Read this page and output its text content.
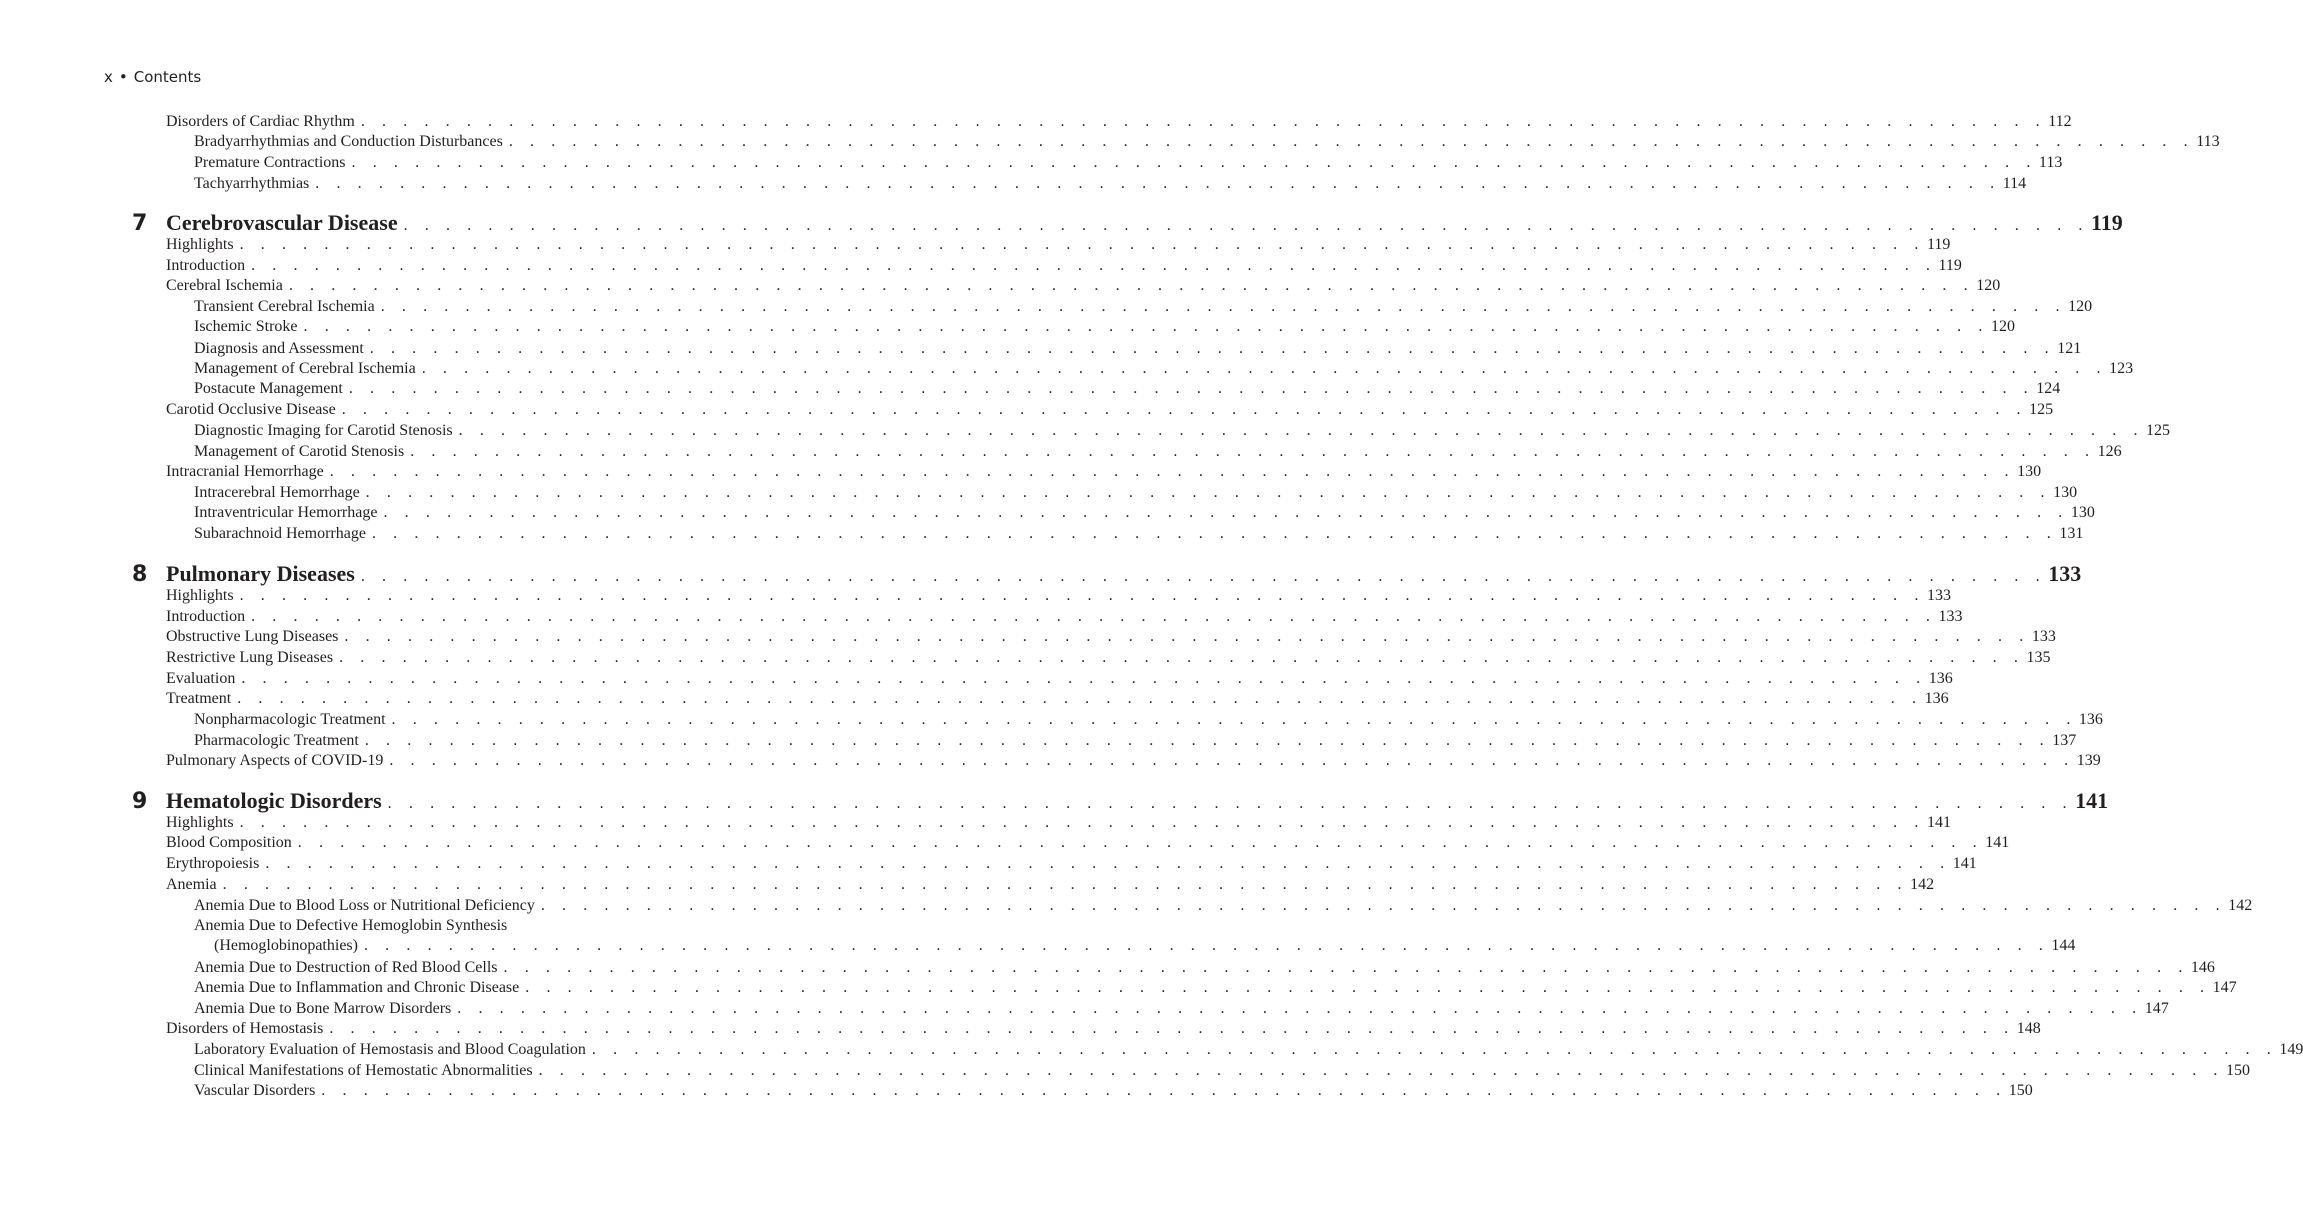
x • Contents
Disorders of Cardiac Rhythm . . . . . . . . . . . . . . . . . . . . . . . . . . . . . . . . . . . . . . . . . . . . . . . . . . . . . . . . . . . . . . . . . . . . . . . . . . . . . . . . 112
Bradyarrhythmias and Conduction Disturbances . . . . . . . . . . . . . . . . . . . . . . . . . . . . . . . . . . . . . . . . . . . . . . . . . . . . . . . . . . . . . . . . . . . . . . . . . . . . . . . . 113
Premature Contractions . . . . . . . . . . . . . . . . . . . . . . . . . . . . . . . . . . . . . . . . . . . . . . . . . . . . . . . . . . . . . . . . . . . . . . . . . . . . . . . . 113
Tachyarrhythmias . . . . . . . . . . . . . . . . . . . . . . . . . . . . . . . . . . . . . . . . . . . . . . . . . . . . . . . . . . . . . . . . . . . . . . . . . . . . . . . . 114
7 Cerebrovascular Disease . . . . . . . . . . . . . . . . . . . . . . . . . . . . . . . . . . . . . . . . . . . . . . . . . . . . . . . . . . . . . . . . . . . . . . . . . . . . . . . . 119
Highlights . . . . . . . . . . . . . . . . . . . . . . . . . . . . . . . . . . . . . . . . . . . . . . . . . . . . . . . . . . . . . . . . . . . . . . . . . . . . . . . . 119
Introduction . . . . . . . . . . . . . . . . . . . . . . . . . . . . . . . . . . . . . . . . . . . . . . . . . . . . . . . . . . . . . . . . . . . . . . . . . . . . . . . . 119
Cerebral Ischemia . . . . . . . . . . . . . . . . . . . . . . . . . . . . . . . . . . . . . . . . . . . . . . . . . . . . . . . . . . . . . . . . . . . . . . . . . . . . . . . . 120
Transient Cerebral Ischemia . . . . . . . . . . . . . . . . . . . . . . . . . . . . . . . . . . . . . . . . . . . . . . . . . . . . . . . . . . . . . . . . . . . . . . . . . . . . . . . . 120
Ischemic Stroke . . . . . . . . . . . . . . . . . . . . . . . . . . . . . . . . . . . . . . . . . . . . . . . . . . . . . . . . . . . . . . . . . . . . . . . . . . . . . . . . 120
Diagnosis and Assessment . . . . . . . . . . . . . . . . . . . . . . . . . . . . . . . . . . . . . . . . . . . . . . . . . . . . . . . . . . . . . . . . . . . . . . . . . . . . . . . . 121
Management of Cerebral Ischemia . . . . . . . . . . . . . . . . . . . . . . . . . . . . . . . . . . . . . . . . . . . . . . . . . . . . . . . . . . . . . . . . . . . . . . . . . . . . . . . . 123
Postacute Management . . . . . . . . . . . . . . . . . . . . . . . . . . . . . . . . . . . . . . . . . . . . . . . . . . . . . . . . . . . . . . . . . . . . . . . . . . . . . . . . 124
Carotid Occlusive Disease . . . . . . . . . . . . . . . . . . . . . . . . . . . . . . . . . . . . . . . . . . . . . . . . . . . . . . . . . . . . . . . . . . . . . . . . . . . . . . . . 125
Diagnostic Imaging for Carotid Stenosis . . . . . . . . . . . . . . . . . . . . . . . . . . . . . . . . . . . . . . . . . . . . . . . . . . . . . . . . . . . . . . . . . . . . . . . . . . . . . . . . 125
Management of Carotid Stenosis . . . . . . . . . . . . . . . . . . . . . . . . . . . . . . . . . . . . . . . . . . . . . . . . . . . . . . . . . . . . . . . . . . . . . . . . . . . . . . . . 126
Intracranial Hemorrhage . . . . . . . . . . . . . . . . . . . . . . . . . . . . . . . . . . . . . . . . . . . . . . . . . . . . . . . . . . . . . . . . . . . . . . . . . . . . . . . . 130
Intracerebral Hemorrhage . . . . . . . . . . . . . . . . . . . . . . . . . . . . . . . . . . . . . . . . . . . . . . . . . . . . . . . . . . . . . . . . . . . . . . . . . . . . . . . . 130
Intraventricular Hemorrhage . . . . . . . . . . . . . . . . . . . . . . . . . . . . . . . . . . . . . . . . . . . . . . . . . . . . . . . . . . . . . . . . . . . . . . . . . . . . . . . . 130
Subarachnoid Hemorrhage . . . . . . . . . . . . . . . . . . . . . . . . . . . . . . . . . . . . . . . . . . . . . . . . . . . . . . . . . . . . . . . . . . . . . . . . . . . . . . . . 131
8 Pulmonary Diseases . . . . . . . . . . . . . . . . . . . . . . . . . . . . . . . . . . . . . . . . . . . . . . . . . . . . . . . . . . . . . . . . . . . . . . . . . . . . . . . . 133
Highlights . . . . . . . . . . . . . . . . . . . . . . . . . . . . . . . . . . . . . . . . . . . . . . . . . . . . . . . . . . . . . . . . . . . . . . . . . . . . . . . . 133
Introduction . . . . . . . . . . . . . . . . . . . . . . . . . . . . . . . . . . . . . . . . . . . . . . . . . . . . . . . . . . . . . . . . . . . . . . . . . . . . . . . . 133
Obstructive Lung Diseases . . . . . . . . . . . . . . . . . . . . . . . . . . . . . . . . . . . . . . . . . . . . . . . . . . . . . . . . . . . . . . . . . . . . . . . . . . . . . . . . 133
Restrictive Lung Diseases . . . . . . . . . . . . . . . . . . . . . . . . . . . . . . . . . . . . . . . . . . . . . . . . . . . . . . . . . . . . . . . . . . . . . . . . . . . . . . . . 135
Evaluation . . . . . . . . . . . . . . . . . . . . . . . . . . . . . . . . . . . . . . . . . . . . . . . . . . . . . . . . . . . . . . . . . . . . . . . . . . . . . . . . 136
Treatment . . . . . . . . . . . . . . . . . . . . . . . . . . . . . . . . . . . . . . . . . . . . . . . . . . . . . . . . . . . . . . . . . . . . . . . . . . . . . . . . 136
Nonpharmacologic Treatment . . . . . . . . . . . . . . . . . . . . . . . . . . . . . . . . . . . . . . . . . . . . . . . . . . . . . . . . . . . . . . . . . . . . . . . . . . . . . . . . 136
Pharmacologic Treatment . . . . . . . . . . . . . . . . . . . . . . . . . . . . . . . . . . . . . . . . . . . . . . . . . . . . . . . . . . . . . . . . . . . . . . . . . . . . . . . . 137
Pulmonary Aspects of COVID-19 . . . . . . . . . . . . . . . . . . . . . . . . . . . . . . . . . . . . . . . . . . . . . . . . . . . . . . . . . . . . . . . . . . . . . . . . . . . . . . . . 139
9 Hematologic Disorders . . . . . . . . . . . . . . . . . . . . . . . . . . . . . . . . . . . . . . . . . . . . . . . . . . . . . . . . . . . . . . . . . . . . . . . . . . . . . . . . 141
Highlights . . . . . . . . . . . . . . . . . . . . . . . . . . . . . . . . . . . . . . . . . . . . . . . . . . . . . . . . . . . . . . . . . . . . . . . . . . . . . . . . 141
Blood Composition . . . . . . . . . . . . . . . . . . . . . . . . . . . . . . . . . . . . . . . . . . . . . . . . . . . . . . . . . . . . . . . . . . . . . . . . . . . . . . . . 141
Erythropoiesis . . . . . . . . . . . . . . . . . . . . . . . . . . . . . . . . . . . . . . . . . . . . . . . . . . . . . . . . . . . . . . . . . . . . . . . . . . . . . . . . 141
Anemia . . . . . . . . . . . . . . . . . . . . . . . . . . . . . . . . . . . . . . . . . . . . . . . . . . . . . . . . . . . . . . . . . . . . . . . . . . . . . . . . 142
Anemia Due to Blood Loss or Nutritional Deficiency . . . . . . . . . . . . . . . . . . . . . . . . . . . . . . . . . . . . . . . . . . . . . . . . . . . . . . . . . . . . . . . . . . . . . . . . . . . . . . . . 142
Anemia Due to Defective Hemoglobin Synthesis
(Hemoglobinopathies) . . . . . . . . . . . . . . . . . . . . . . . . . . . . . . . . . . . . . . . . . . . . . . . . . . . . . . . . . . . . . . . . . . . . . . . . . . . . . . . . 144
Anemia Due to Destruction of Red Blood Cells . . . . . . . . . . . . . . . . . . . . . . . . . . . . . . . . . . . . . . . . . . . . . . . . . . . . . . . . . . . . . . . . . . . . . . . . . . . . . . . . 146
Anemia Due to Inflammation and Chronic Disease . . . . . . . . . . . . . . . . . . . . . . . . . . . . . . . . . . . . . . . . . . . . . . . . . . . . . . . . . . . . . . . . . . . . . . . . . . . . . . . . 147
Anemia Due to Bone Marrow Disorders . . . . . . . . . . . . . . . . . . . . . . . . . . . . . . . . . . . . . . . . . . . . . . . . . . . . . . . . . . . . . . . . . . . . . . . . . . . . . . . . 147
Disorders of Hemostasis . . . . . . . . . . . . . . . . . . . . . . . . . . . . . . . . . . . . . . . . . . . . . . . . . . . . . . . . . . . . . . . . . . . . . . . . . . . . . . . . 148
Laboratory Evaluation of Hemostasis and Blood Coagulation . . . . . . . . . . . . . . . . . . . . . . . . . . . . . . . . . . . . . . . . . . . . . . . . . . . . . . . . . . . . . . . . . . . . . . . . . . . . . . . . 149
Clinical Manifestations of Hemostatic Abnormalities . . . . . . . . . . . . . . . . . . . . . . . . . . . . . . . . . . . . . . . . . . . . . . . . . . . . . . . . . . . . . . . . . . . . . . . . . . . . . . . . 150
Vascular Disorders . . . . . . . . . . . . . . . . . . . . . . . . . . . . . . . . . . . . . . . . . . . . . . . . . . . . . . . . . . . . . . . . . . . . . . . . . . . . . . . . 150
